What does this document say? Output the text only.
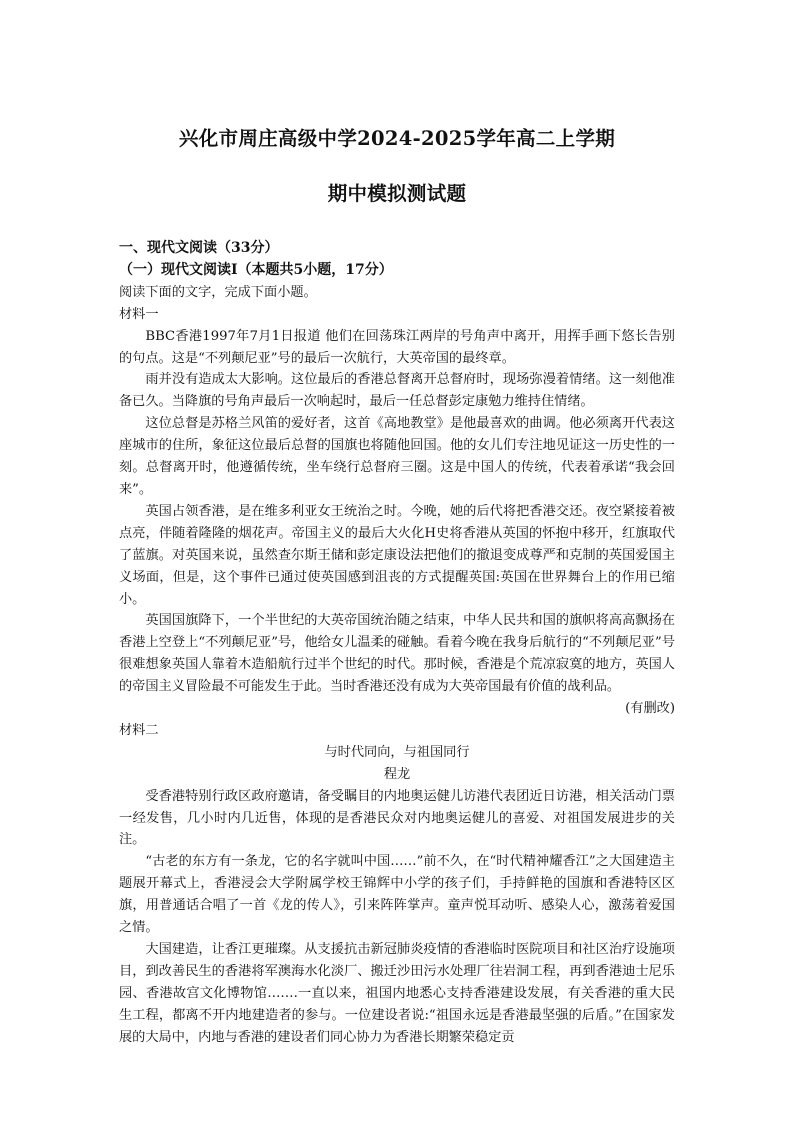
兴化市周庄高级中学2024-2025学年高二上学期
期中模拟测试题

一、现代文阅读（33分）

（一）现代文阅读Ⅰ（本题共5小题，17分）

阅读下面的文字，完成下面小题。

材料一

BBC香港1997年7月1日报道 他们在回荡珠江两岸的号角声中离开，用挥手画下悠长告别的句点。这是“不列颠尼亚”号的最后一次航行，大英帝国的最终章。

雨并没有造成太大影响。这位最后的香港总督离开总督府时，现场弥漫着情绪。这一刻他准备已久。当降旗的号角声最后一次响起时，最后一任总督彭定康勉力维持住情绪。

这位总督是苏格兰风笛的爱好者，这首《高地教堂》是他最喜欢的曲调。他必须离开代表这座城市的住所，象征这位最后总督的国旗也将随他回国。他的女儿们专注地见证这一历史性的一刻。总督离开时，他遵循传统，坐车绕行总督府三圈。这是中国人的传统，代表着承诺“我会回来”。

英国占领香港，是在维多利亚女王统治之时。今晚，她的后代将把香港交还。夜空紧接着被点亮，伴随着隆隆的烟花声。帝国主义的最后大火化H史将香港从英国的怀抱中移开，红旗取代了蓝旗。对英国来说，虽然查尔斯王储和彭定康设法把他们的撤退变成尊严和克制的英国爱国主义场面，但是，这个事件已通过使英国感到沮丧的方式提醒英国:英国在世界舞台上的作用已缩小。

英国国旗降下，一个半世纪的大英帝国统治随之结束，中华人民共和国的旗帜将高高飘扬在香港上空登上“不列颠尼亚”号，他给女儿温柔的碰触。看着今晚在我身后航行的“不列颠尼亚”号很难想象英国人靠着木造船航行过半个世纪的时代。那时候，香港是个荒凉寂寞的地方，英国人的帝国主义冒险最不可能发生于此。当时香港还没有成为大英帝国最有价值的战利品。

(有删改)

材料二

与时代同向，与祖国同行

程龙

受香港特别行政区政府邀请，备受瞩目的内地奥运健儿访港代表团近日访港，相关活动门票一经发售，几小时内几近售，体现的是香港民众对内地奥运健儿的喜爱、对祖国发展进步的关注。

“古老的东方有一条龙，它的名字就叫中国……”前不久，在“时代精神耀香江”之大国建造主题展开幕式上，香港浸会大学附属学校王锦辉中小学的孩子们，手持鲜艳的国旗和香港特区区旗，用普通话合唱了一首《龙的传人》，引来阵阵掌声。童声悦耳动听、感染人心，激荡着爱国之情。

大国建造，让香江更璀璨。从支援抗击新冠肺炎疫情的香港临时医院项目和社区治疗设施项目，到改善民生的香港将军澳海水化淡厂、搬迁沙田污水处理厂往岩洞工程，再到香港迪士尼乐园、香港故宫文化博物馆…….一直以来，祖国内地悉心支持香港建设发展，有关香港的重大民生工程，都离不开内地建造者的参与。一位建设者说:“祖国永远是香港最坚强的后盾。”在国家发展的大局中，内地与香港的建设者们同心协力为香港长期繁荣稳定贡
